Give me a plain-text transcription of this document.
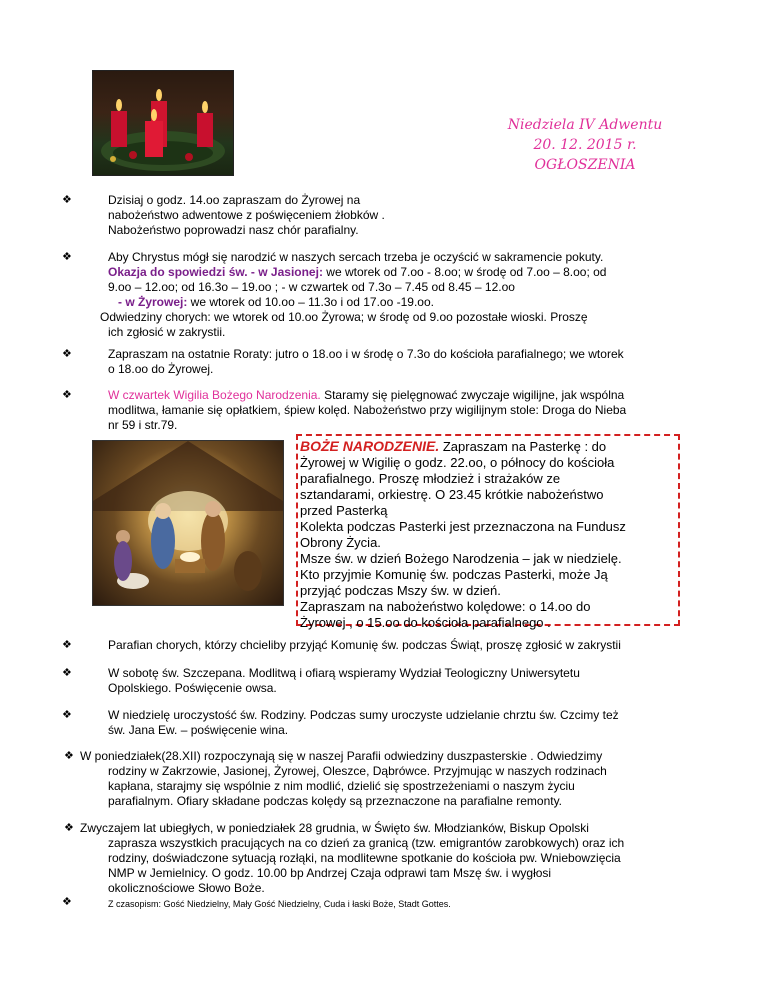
Niedziela IV Adwentu
20. 12. 2015 r.
OGŁOSZENIA
❖	Dzisiaj o godz. 14.oo zapraszam do Żyrowej na
nabożeństwo adwentowe z poświęceniem żłobków .
Nabożeństwo poprowadzi nasz chór parafialny.
❖	Aby Chrystus mógł się narodzić w naszych sercach trzeba je oczyścić w sakramencie pokuty.
Okazja do spowiedzi św. - w Jasionej: we wtorek od 7.oo - 8.oo; w środę od 7.oo – 8.oo; od
9.oo – 12.oo; od 16.3o – 19.oo ; - w czwartek od 7.3o – 7.45 od 8.45 – 12.oo
- w Żyrowej: we wtorek od 10.oo – 11.3o i od 17.oo -19.oo.
Odwiedziny chorych: we wtorek od 10.oo Żyrowa; w środę od 9.oo pozostałe wioski. Proszę
ich zgłosić w zakrystii.
❖	Zapraszam na ostatnie Roraty: jutro o 18.oo i w środę o 7.3o do kościoła parafialnego; we wtorek
o 18.oo do Żyrowej.
❖	W czwartek Wigilia Bożego Narodzenia. Staramy się pielęgnować zwyczaje wigilijne, jak wspólna
modlitwa, łamanie się opłatkiem, śpiew kolęd. Nabożeństwo przy wigilijnym stole: Droga do Nieba
nr 59 i str.79.
BOŻE NARODZENIE. Zapraszam na Pasterkę : do
Żyrowej w Wigilię o godz. 22.oo, o północy do kościoła
parafialnego. Proszę młodzież i strażaków ze
sztandarami, orkiestrę. O 23.45 krótkie nabożeństwo
przed Pasterką
Kolekta podczas Pasterki jest przeznaczona na Fundusz
Obrony Życia.
Msze św. w dzień Bożego Narodzenia – jak w niedzielę.
Kto przyjmie Komunię św. podczas Pasterki, może Ją
przyjąć podczas Mszy św. w dzień.
Zapraszam na nabożeństwo kolędowe: o 14.oo do
Żyrowej , o 15.oo do kościoła parafialnego .
❖	Parafian chorych, którzy chcieliby przyjąć Komunię św. podczas Świąt, proszę zgłosić w zakrystii
❖	W sobotę św. Szczepana. Modlitwą i ofiarą wspieramy Wydział Teologiczny Uniwersytetu
Opolskiego. Poświęcenie owsa.
❖	W niedzielę uroczystość św. Rodziny. Podczas sumy uroczyste udzielanie chrztu św. Czcimy też
św. Jana Ew. – poświęcenie wina.
❖ W poniedziałek(28.XII) rozpoczynają się w naszej Parafii odwiedziny duszpasterskie . Odwiedzimy
rodziny w Zakrzowie, Jasionej, Żyrowej, Oleszce, Dąbrówce. Przyjmując w naszych rodzinach
kapłana, starajmy się wspólnie z nim modlić, dzielić się spostrzeżeniami o naszym życiu
parafialnym. Ofiary składane podczas kolędy są przeznaczone na parafialne remonty.
❖ Zwyczajem lat ubiegłych, w poniedziałek 28 grudnia, w Święto św. Młodzianków, Biskup Opolski
zaprasza wszystkich pracujących na co dzień za granicą (tzw. emigrantów zarobkowych) oraz ich
rodziny, doświadczone sytuacją rozłąki, na modlitewne spotkanie do kościoła pw. Wniebowzięcia
NMP w Jemielnicy. O godz. 10.00 bp Andrzej Czaja odprawi tam Mszę św. i wygłosi
okolicznościowe Słowo Boże.
❖	Z czasopism: Gość Niedzielny, Mały Gość Niedzielny, Cuda i łaski Boże, Stadt Gottes.
